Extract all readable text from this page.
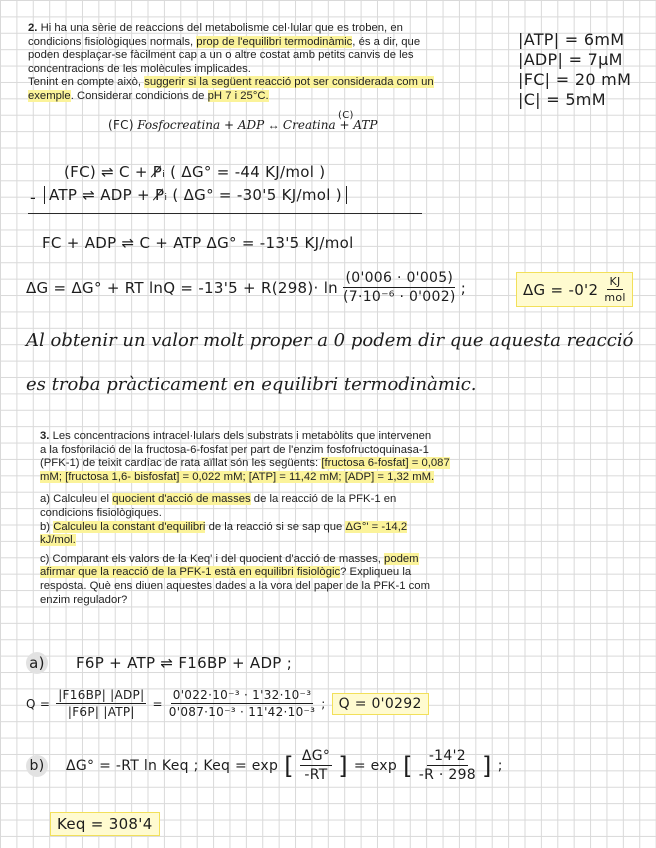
2. Hi ha una sèrie de reaccions del metabolisme cel·lular que es troben, en
condicions fisiològiques normals, prop de l'equilibri termodinàmic, és a dir, que
poden desplaçar-se fàcilment cap a un o altre costat amb petits canvis de les
concentracions de les molècules implicades.
Tenint en compte això, suggerir si la següent reacció pot ser considerada com un
exemple. Considerar condicions de pH 7 i 25°C.
|ATP| = 6mM
|ADP| = 7μM
|FC| = 20 mM
|C| = 5mM
(FC) Fosfocreatina + ADP ↔ Creatina + ATP
(C)
(FC) ⇌ C + P̸ᵢ ( ΔG° = -44 KJ/mol )
- ATP ⇌ ADP + P̸ᵢ ( ΔG° = -30'5 KJ/mol )
FC + ADP ⇌ C + ATP ΔG° = -13'5 KJ/mol
ΔG = ΔG° + RT $\ln Q = -13'5 + R(298)\cdot \ln \frac{(0'006 \cdot 0'005)}{\text{(7·10⁻⁶ · 0'002)}}$ ;	$\Delta G = -0'2 \frac{KJ}{\text{mol}}$
Al obtenir un valor molt proper a 0 podem dir que aquesta reacció
es troba pràcticament en equilibri termodinàmic.
3. Les concentracions intracel·lulars dels substrats i metabòlits que intervenen
a la fosforilació de la fructosa-6-fosfat per part de l'enzim fosfofructoquinasa-1
(PFK-1) de teixit cardíac de rata aïllat són les següents: [fructosa 6-fosfat] = 0,087
mM; [fructosa 1,6- bisfosfat] = 0,022 mM; [ATP] = 11,42 mM; [ADP] = 1,32 mM.
a) Calculeu el quocient d'acció de masses de la reacció de la PFK-1 en
condicions fisiològiques.
b) Calculeu la constant d'equilibri de la reacció si se sap que ΔG°' = -14,2
kJ/mol.
c) Comparant els valors de la Keq' i del quocient d'acció de masses, podem
afirmar que la reacció de la PFK-1 està en equilibri fisiològic? Expliqueu la
resposta. Què ens diuen aquestes dades a la vora del paper de la PFK-1 com
enzim regulador?
a) F6P + ATP ⇌ F16BP + ADP ;
$Q = \frac{\text{|F16BP| |ADP|}}{\text{|F6P| |ATP|}} = \frac{\text{0'022·10⁻³ · 1'32·10⁻³}}{\text{0'087·10⁻³ · 11'42·10⁻³}}$ ; Q = 0'0292
b) ΔG° = -RT ln Keq ; Keq = exp [ $\frac{\Delta G^\circ}{-RT}$ ] = exp [ $\frac{-14'2}{-R \cdot 298}$ ] ;
Keq = 308'4
